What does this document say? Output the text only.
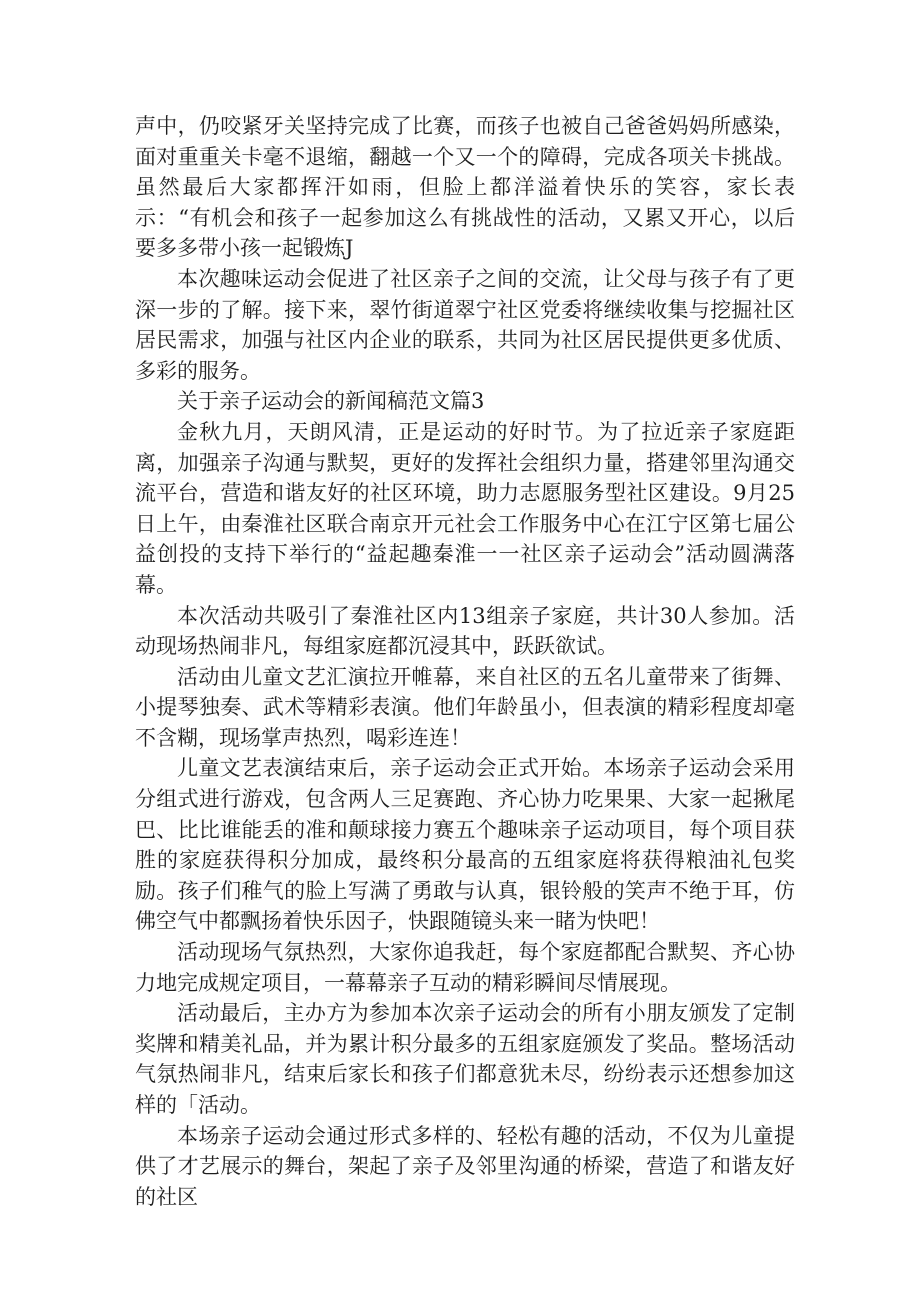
声中，仍咬紧牙关坚持完成了比赛，而孩子也被自己爸爸妈妈所感染，面对重重关卡毫不退缩，翻越一个又一个的障碍，完成各项关卡挑战。虽然最后大家都挥汗如雨，但脸上都洋溢着快乐的笑容，家长表示：“有机会和孩子一起参加这么有挑战性的活动，又累又开心，以后要多多带小孩一起锻炼J

本次趣味运动会促进了社区亲子之间的交流，让父母与孩子有了更深一步的了解。接下来，翠竹街道翠宁社区党委将继续收集与挖掘社区居民需求，加强与社区内企业的联系，共同为社区居民提供更多优质、多彩的服务。

关于亲子运动会的新闻稿范文篇3

金秋九月，天朗风清，正是运动的好时节。为了拉近亲子家庭距离，加强亲子沟通与默契，更好的发挥社会组织力量，搭建邻里沟通交流平台，营造和谐友好的社区环境，助力志愿服务型社区建设。9月25日上午，由秦淮社区联合南京开元社会工作服务中心在江宁区第七届公益创投的支持下举行的“益起趣秦淮一一社区亲子运动会”活动圆满落幕。

本次活动共吸引了秦淮社区内13组亲子家庭，共计30人参加。活动现场热闹非凡，每组家庭都沉浸其中，跃跃欲试。

活动由儿童文艺汇演拉开帷幕，来自社区的五名儿童带来了街舞、小提琴独奏、武术等精彩表演。他们年龄虽小，但表演的精彩程度却毫不含糊，现场掌声热烈，喝彩连连！

儿童文艺表演结束后，亲子运动会正式开始。本场亲子运动会采用分组式进行游戏，包含两人三足赛跑、齐心协力吃果果、大家一起揪尾巴、比比谁能丢的准和颠球接力赛五个趣味亲子运动项目，每个项目获胜的家庭获得积分加成，最终积分最高的五组家庭将获得粮油礼包奖励。孩子们稚气的脸上写满了勇敢与认真，银铃般的笑声不绝于耳，仿佛空气中都飘扬着快乐因子，快跟随镜头来一睹为快吧！

活动现场气氛热烈，大家你追我赶，每个家庭都配合默契、齐心协力地完成规定项目，一幕幕亲子互动的精彩瞬间尽情展现。

活动最后，主办方为参加本次亲子运动会的所有小朋友颁发了定制奖牌和精美礼品，并为累计积分最多的五组家庭颁发了奖品。整场活动气氛热闹非凡，结束后家长和孩子们都意犹未尽，纷纷表示还想参加这样的「活动。

本场亲子运动会通过形式多样的、轻松有趣的活动，不仅为儿童提供了才艺展示的舞台，架起了亲子及邻里沟通的桥梁，营造了和谐友好的社区
